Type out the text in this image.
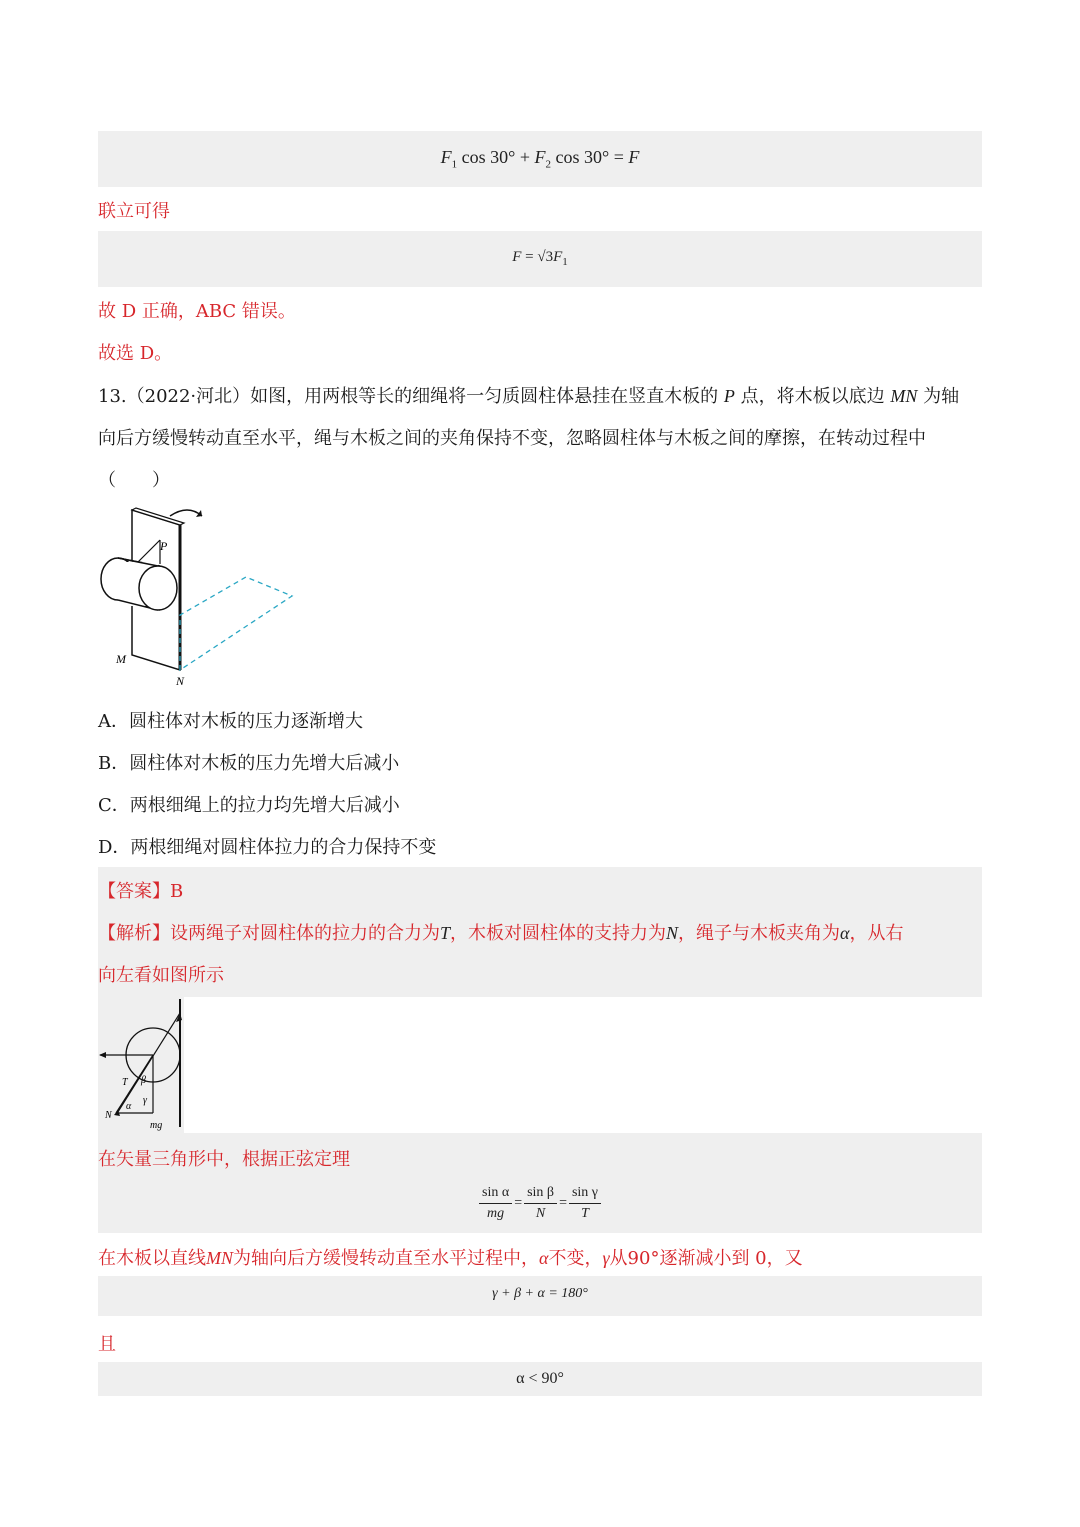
$F_1$ $\cos 30^\circ + F_2$ cos 30° = F
联立可得
$F = √3F_1$
故 D 正确，ABC 错误。
故选 D。
13.（2022·河北）如图，用两根等长的细绳将一匀质圆柱体悬挂在竖直木板的 P 点，将木板以底边 MN 为轴
向后方缓慢转动直至水平，绳与木板之间的夹角保持不变，忽略圆柱体与木板之间的摩擦，在转动过程中
（　　）
P
M
N
A．圆柱体对木板的压力逐渐增大
B．圆柱体对木板的压力先增大后减小
C．两根细绳上的拉力均先增大后减小
D．两根细绳对圆柱体拉力的合力保持不变
【答案】B
【解析】设两绳子对圆柱体的拉力的合力为T，木板对圆柱体的支持力为N，绳子与木板夹角为α，从右
向左看如图所示
T β
α
γ
N
mg
在矢量三角形中，根据正弦定理
$\frac{\text{sin α}}{mg} = \frac{\text{sin β}}{N} = \frac{\text{sin γ}}{T}$
在木板以直线MN为轴向后方缓慢转动直至水平过程中，α不变，γ从90°逐渐减小到 0，又
γ + β + α = 180°
且
α < 90°
